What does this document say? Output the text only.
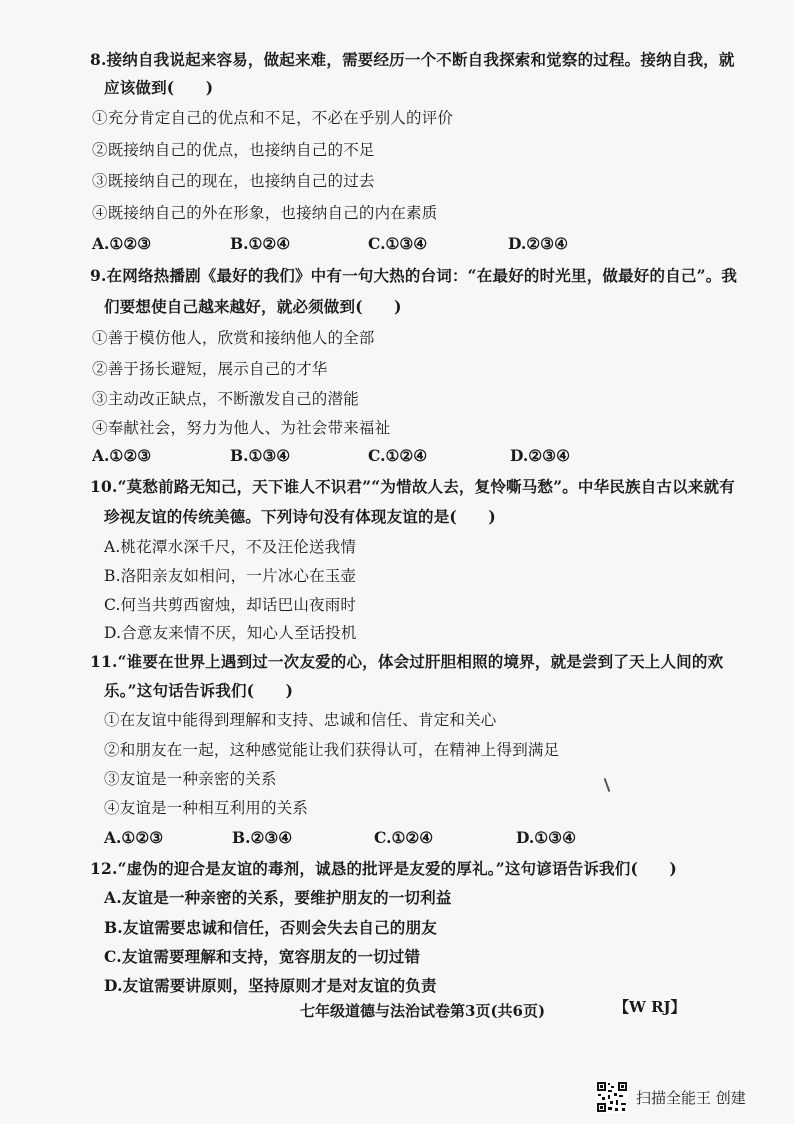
8.接纳自我说起来容易，做起来难，需要经历一个不断自我探索和觉察的过程。接纳自我，就
应该做到(　　)
①充分肯定自己的优点和不足，不必在乎别人的评价
②既接纳自己的优点，也接纳自己的不足
③既接纳自己的现在，也接纳自己的过去
④既接纳自己的外在形象，也接纳自己的内在素质
A.①②③	B.①②④	C.①③④	D.②③④
9.在网络热播剧《最好的我们》中有一句大热的台词：“在最好的时光里，做最好的自己”。我
们要想使自己越来越好，就必须做到(　　)
①善于模仿他人，欣赏和接纳他人的全部
②善于扬长避短，展示自己的才华
③主动改正缺点，不断激发自己的潜能
④奉献社会，努力为他人、为社会带来福祉
A.①②③	B.①③④	C.①②④	D.②③④
10.“莫愁前路无知己，天下谁人不识君”“为惜故人去，复怜嘶马愁”。中华民族自古以来就有
珍视友谊的传统美德。下列诗句没有体现友谊的是(　　)
A.桃花潭水深千尺，不及汪伦送我情
B.洛阳亲友如相问，一片冰心在玉壶
C.何当共剪西窗烛，却话巴山夜雨时
D.合意友来情不厌，知心人至话投机
11.“谁要在世界上遇到过一次友爱的心，体会过肝胆相照的境界，就是尝到了天上人间的欢
乐。”这句话告诉我们(　　)
①在友谊中能得到理解和支持、忠诚和信任、肯定和关心
②和朋友在一起，这种感觉能让我们获得认可，在精神上得到满足
③友谊是一种亲密的关系
④友谊是一种相互利用的关系
A.①②③	B.②③④	C.①②④	D.①③④
12.“虚伪的迎合是友谊的毒剂，诚恳的批评是友爱的厚礼。”这句谚语告诉我们(　　)
A.友谊是一种亲密的关系，要维护朋友的一切利益
B.友谊需要忠诚和信任，否则会失去自己的朋友
C.友谊需要理解和支持，宽容朋友的一切过错
D.友谊需要讲原则，坚持原则才是对友谊的负责
七年级道德与法治试卷第3页(共6页)	【W RJ】
扫描全能王 创建
